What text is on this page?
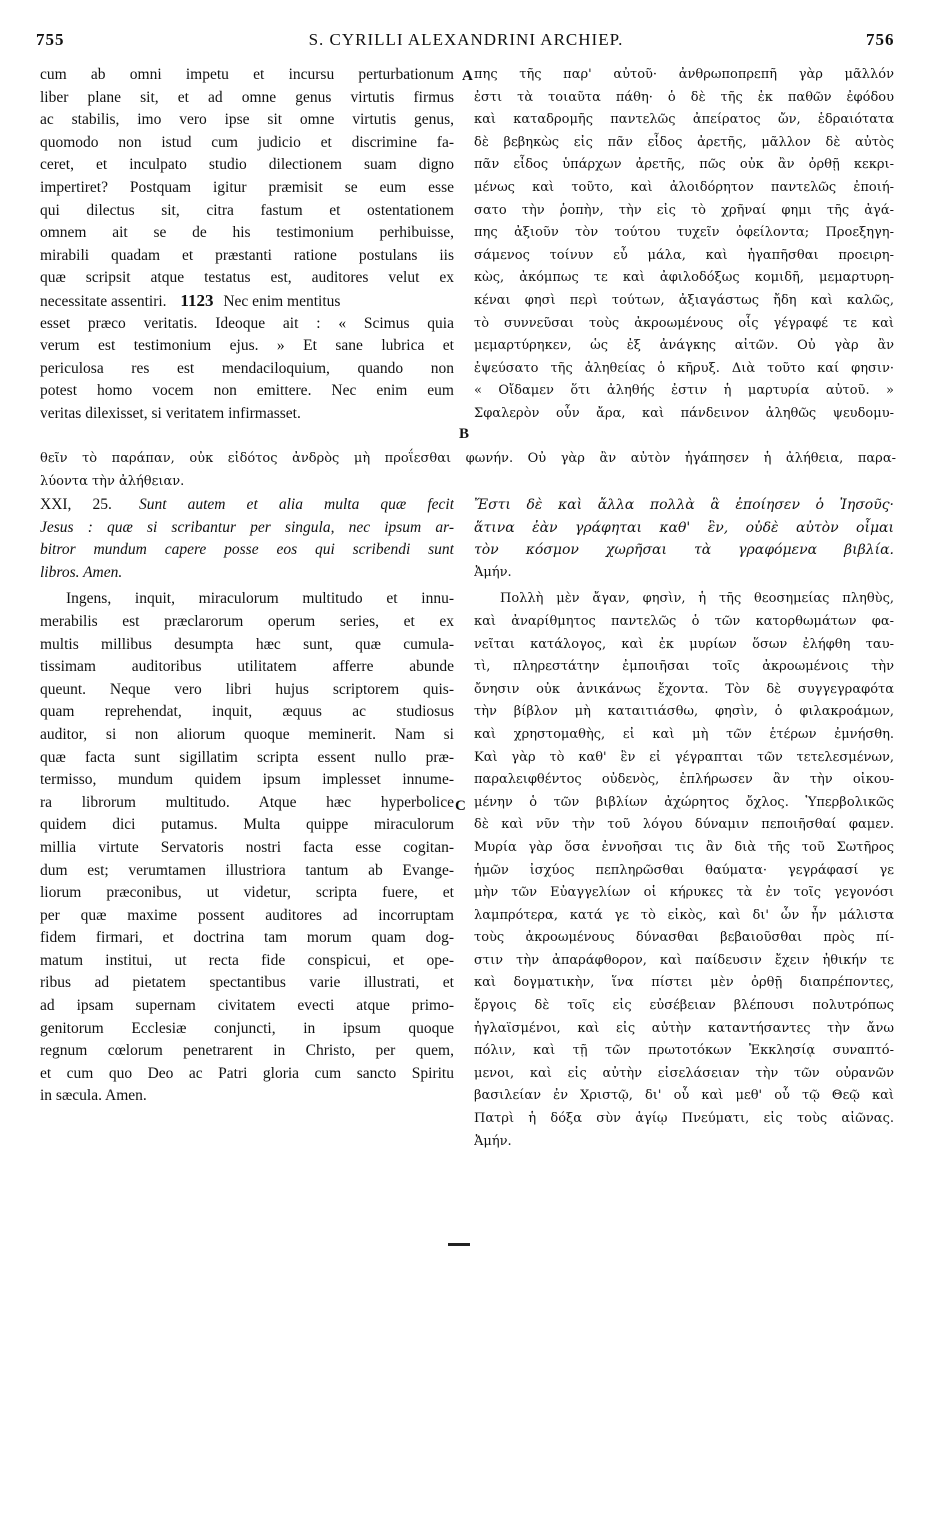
755	S. CYRILLI ALEXANDRINI ARCHIEP.	756
A
B
C
cum ab omni impetu et incursu perturbationum
liber plane sit, et ad omne genus virtutis firmus
ac stabilis, imo vero ipse sit omne virtutis genus,
quomodo non istud cum judicio et discrimine fa-
ceret, et inculpato studio dilectionem suam digno
impertiret? Postquam igitur præmisit se eum esse
qui dilectus sit, citra fastum et ostentationem
omnem ait se de his testimonium perhibuisse,
mirabili quadam et præstanti ratione postulans iis
quæ scripsit atque testatus est, auditores velut ex
necessitate assentiri. 1123 Nec enim mentitus
esset præco veritatis. Ideoque ait : « Scimus quia
verum est testimonium ejus. » Et sane lubrica et
periculosa res est mendaciloquium, quando non
potest homo vocem non emittere. Nec enim eum
veritas dilexisset, si veritatem infirmasset.
πης τῆς παρ' αὐτοῦ· ἀνθρωποπρεπῆ γὰρ μᾶλλόν
ἐστι τὰ τοιαῦτα πάθη· ὁ δὲ τῆς ἐκ παθῶν ἐφόδου
καὶ καταδρομῆς παντελῶς ἀπείρατος ὤν, ἑδραιότατα
δὲ βεβηκὼς εἰς πᾶν εἶδος ἀρετῆς, μᾶλλον δὲ αὐτὸς
πᾶν εἶδος ὑπάρχων ἀρετῆς, πῶς οὐκ ἂν ὀρθῇ κεκρι-
μένως καὶ τοῦτο, καὶ ἀλοιδόρητον παντελῶς ἐποιή-
σατο τὴν ῥοπὴν, τὴν εἰς τὸ χρῆναί φημι τῆς ἀγά-
πης ἀξιοῦν τὸν τούτου τυχεῖν ὀφείλοντα; Προεξηγη-
σάμενος τοίνυν εὖ μάλα, καὶ ἠγαπῆσθαι προειρη-
κὼς, ἀκόμπως τε καὶ ἀφιλοδόξως κομιδῆ, μεμαρτυρη-
κέναι φησὶ περὶ τούτων, ἀξιαγάστως ἤδη καὶ καλῶς,
τὸ συννεῦσαι τοὺς ἀκροωμένους οἷς γέγραφέ τε καὶ
μεμαρτύρηκεν, ὡς ἐξ ἀνάγκης αἰτῶν. Οὐ γὰρ ἂν
ἐψεύσατο τῆς ἀληθείας ὁ κῆρυξ. Διὰ τοῦτο καί φησιν·
« Οἴδαμεν ὅτι ἀληθής ἐστιν ἡ μαρτυρία αὐτοῦ. »
Σφαλερὸν οὖν ἄρα, καὶ πάνδεινον ἀληθῶς ψευδομυ-
θεῖν τὸ παράπαν, οὐκ εἰδότος ἀνδρὸς μὴ προΐεσθαι φωνήν. Οὐ γὰρ ἂν αὐτὸν ἠγάπησεν ἡ ἀλήθεια, παρα-
λύοντα τὴν ἀλήθειαν.
XXI, 25. Sunt autem et alia multa quæ fecit
Jesus : quæ si scribantur per singula, nec ipsum ar-
bitror mundum capere posse eos qui scribendi sunt
libros. Amen.
Ingens, inquit, miraculorum multitudo et innu-
merabilis est præclarorum operum series, et ex
multis millibus desumpta hæc sunt, quæ cumula-
tissimam auditoribus utilitatem afferre abunde
queunt. Neque vero libri hujus scriptorem quis-
quam reprehendat, inquit, æquus ac studiosus
auditor, si non aliorum quoque meminerit. Nam si
quæ facta sunt sigillatim scripta essent nullo præ-
termisso, mundum quidem ipsum implesset innume-
ra librorum multitudo. Atque hæc hyperbolice
quidem dici putamus. Multa quippe miraculorum
millia virtute Servatoris nostri facta esse cogitan-
dum est; verumtamen illustriora tantum ab Evange-
liorum præconibus, ut videtur, scripta fuere, et
per quæ maxime possent auditores ad incorruptam
fidem firmari, et doctrina tam morum quam dog-
matum institui, ut recta fide conspicui, et ope-
ribus ad pietatem spectantibus varie illustrati, et
ad ipsam supernam civitatem evecti atque primo-
genitorum Ecclesiæ conjuncti, in ipsum quoque
regnum cœlorum penetrarent in Christo, per quem,
et cum quo Deo ac Patri gloria cum sancto Spiritu
in sæcula. Amen.
Ἔστι δὲ καὶ ἄλλα πολλὰ ἃ ἐποίησεν ὁ Ἰησοῦς·
ἅτινα ἐὰν γράφηται καθ' ἓν, οὐδὲ αὐτὸν οἶμαι
τὸν κόσμον χωρῆσαι τὰ γραφόμενα βιβλία.
Ἀμήν.
Πολλὴ μὲν ἄγαν, φησὶν, ἡ τῆς θεοσημείας πληθὺς,
καὶ ἀναρίθμητος παντελῶς ὁ τῶν κατορθωμάτων φα-
νεῖται κατάλογος, καὶ ἐκ μυρίων ὅσων ἐλήφθη ταυ-
τὶ, πληρεστάτην ἐμποιῆσαι τοῖς ἀκροωμένοις τὴν
ὄνησιν οὐκ ἀνικάνως ἔχοντα. Τὸν δὲ συγγεγραφότα
τὴν βίβλον μὴ καταιτιάσθω, φησὶν, ὁ φιλακροάμων,
καὶ χρηστομαθὴς, εἰ καὶ μὴ τῶν ἑτέρων ἐμνήσθη.
Καὶ γὰρ τὸ καθ' ἓν εἰ γέγραπται τῶν τετελεσμένων,
παραλειφθέντος οὐδενὸς, ἐπλήρωσεν ἂν τὴν οἰκου-
μένην ὁ τῶν βιβλίων ἀχώρητος ὄχλος. Ὑπερβολικῶς
δὲ καὶ νῦν τὴν τοῦ λόγου δύναμιν πεποιῆσθαί φαμεν.
Μυρία γὰρ ὅσα ἐννοῆσαι τις ἂν διὰ τῆς τοῦ Σωτῆρος
ἡμῶν ἰσχύος πεπληρῶσθαι θαύματα· γεγράφασί γε
μὴν τῶν Εὐαγγελίων οἱ κήρυκες τὰ ἐν τοῖς γεγονόσι
λαμπρότερα, κατά γε τὸ εἰκὸς, καὶ δι' ὧν ἦν μάλιστα
τοὺς ἀκροωμένους δύνασθαι βεβαιοῦσθαι πρὸς πί-
στιν τὴν ἀπαράφθορον, καὶ παίδευσιν ἔχειν ἠθικήν τε
καὶ δογματικὴν, ἵνα πίστει μὲν ὀρθῇ διαπρέποντες,
ἔργοις δὲ τοῖς εἰς εὐσέβειαν βλέπουσι πολυτρόπως
ἠγλαϊσμένοι, καὶ εἰς αὐτὴν καταντήσαντες τὴν ἄνω
πόλιν, καὶ τῇ τῶν πρωτοτόκων Ἐκκλησίᾳ συναπτό-
μενοι, καὶ εἰς αὐτὴν εἰσελάσειαν τὴν τῶν οὐρανῶν
βασιλείαν ἐν Χριστῷ, δι' οὗ καὶ μεθ' οὗ τῷ Θεῷ καὶ
Πατρὶ ἡ δόξα σὺν ἁγίῳ Πνεύματι, εἰς τοὺς αἰῶνας.
Ἀμήν.
